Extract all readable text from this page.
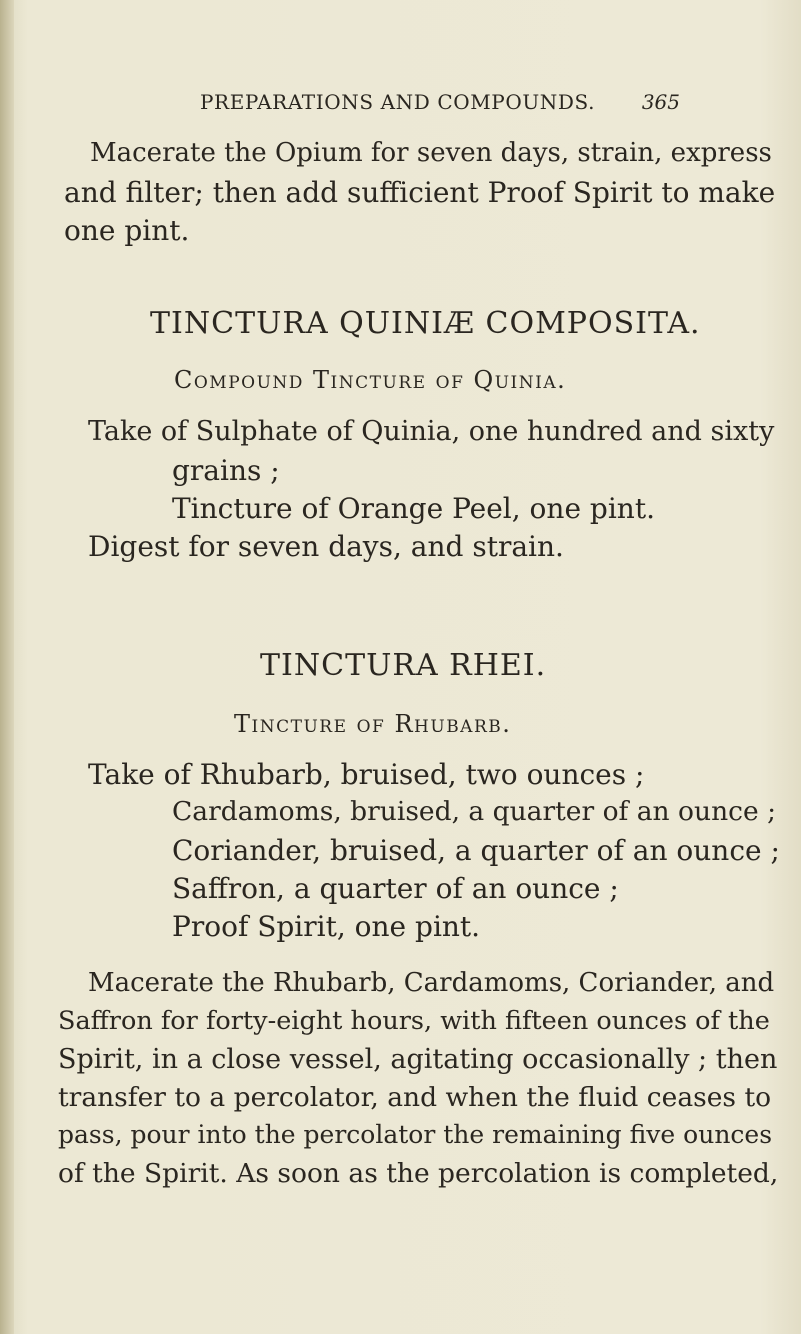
PREPARATIONS AND COMPOUNDS. 365
Macerate the Opium for seven days, strain, express
and filter; then add sufficient Proof Spirit to make
one pint.
TINCTURA QUINIÆ COMPOSITA.
Compound Tincture of Quinia.
Take of Sulphate of Quinia, one hundred and sixty
grains ;
Tincture of Orange Peel, one pint.
Digest for seven days, and strain.
TINCTURA RHEI.
Tincture of Rhubarb.
Take of Rhubarb, bruised, two ounces ;
Cardamoms, bruised, a quarter of an ounce ;
Coriander, bruised, a quarter of an ounce ;
Saffron, a quarter of an ounce ;
Proof Spirit, one pint.
Macerate the Rhubarb, Cardamoms, Coriander, and
Saffron for forty-eight hours, with fifteen ounces of the
Spirit, in a close vessel, agitating occasionally ; then
transfer to a percolator, and when the fluid ceases to
pass, pour into the percolator the remaining five ounces
of the Spirit. As soon as the percolation is completed,
